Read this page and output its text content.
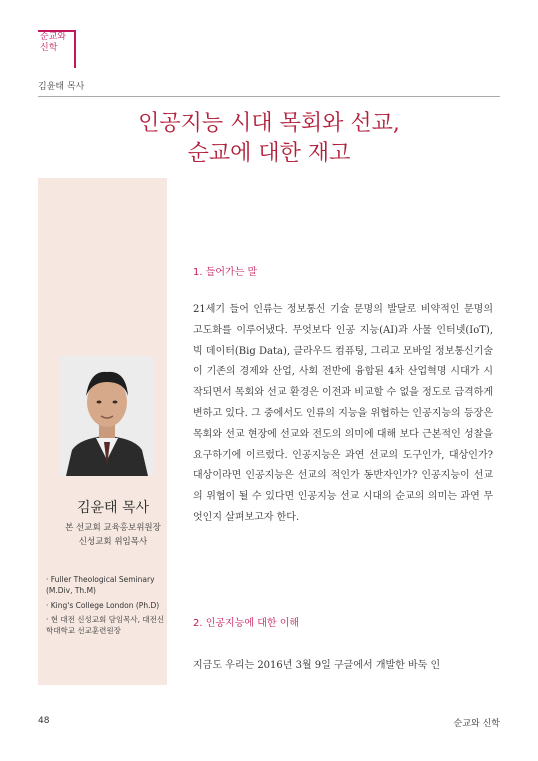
순교와
신학
김윤태 목사
인공지능 시대 목회와 선교,
순교에 대한 재고
김윤태 목사
본 선교회 교육홍보위원장
신성교회 위임목사
· Fuller Theological Seminary (M.Div, Th.M)
· King's College London (Ph.D)
· 현 대전 신성교회 담임목사, 대전신학대학교 선교훈련원장
1. 들어가는 말
21세기 들어 인류는 정보통신 기술 문명의 발달로 비약적인 문명의 고도화를 이루어냈다. 무엇보다 인공 지능(AI)과 사물 인터넷(IoT), 빅 데이터(Big Data), 클라우드 컴퓨팅, 그리고 모바일 정보통신기술이 기존의 경제와 산업, 사회 전반에 융합된 4차 산업혁명 시대가 시작되면서 목회와 선교 환경은 이전과 비교할 수 없을 정도로 급격하게 변하고 있다. 그 중에서도 인류의 지능을 위협하는 인공지능의 등장은 목회와 선교 현장에 선교와 전도의 의미에 대해 보다 근본적인 성찰을 요구하기에 이르렀다. 인공지능은 과연 선교의 도구인가, 대상인가? 대상이라면 인공지능은 선교의 적인가 동반자인가? 인공지능이 선교의 위협이 될 수 있다면 인공지능 선교 시대의 순교의 의미는 과연 무엇인지 살펴보고자 한다.
2. 인공지능에 대한 이해
지금도 우리는 2016년 3월 9일 구글에서 개발한 바둑 인
48	순교와 신학
